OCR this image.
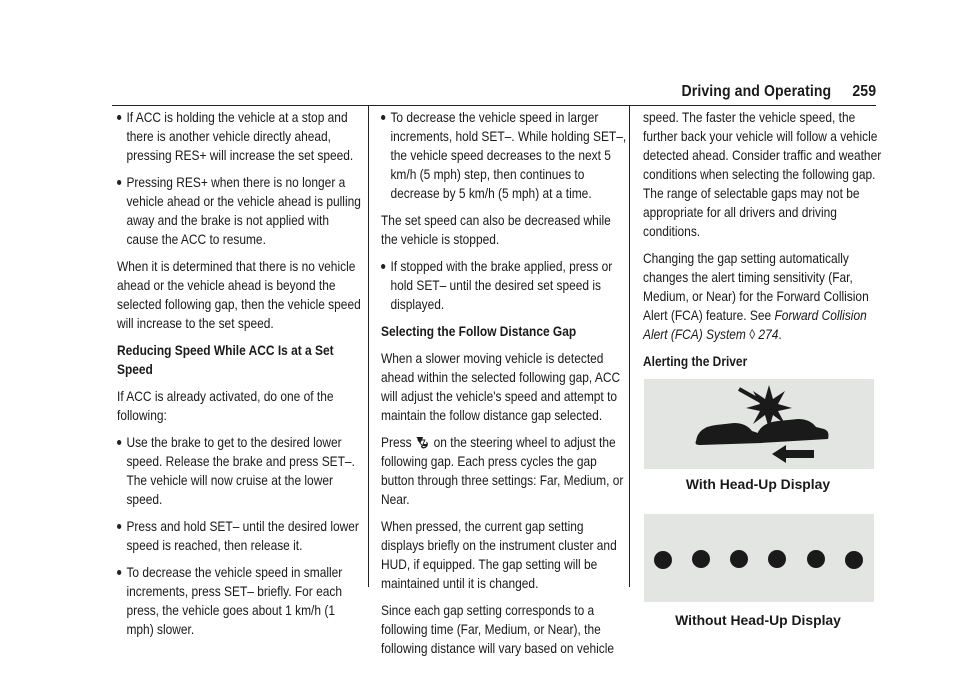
Driving and Operating 259
If ACC is holding the vehicle at a stop and there is another vehicle directly ahead, pressing RES+ will increase the set speed.
Pressing RES+ when there is no longer a vehicle ahead or the vehicle ahead is pulling away and the brake is not applied with cause the ACC to resume.

When it is determined that there is no vehicle ahead or the vehicle ahead is beyond the selected following gap, then the vehicle speed will increase to the set speed.

Reducing Speed While ACC Is at a Set Speed

If ACC is already activated, do one of the following:

Use the brake to get to the desired lower speed. Release the brake and press SET–. The vehicle will now cruise at the lower speed.
Press and hold SET– until the desired lower speed is reached, then release it.
To decrease the vehicle speed in smaller increments, press SET– briefly. For each press, the vehicle goes about 1 km/h (1 mph) slower.
To decrease the vehicle speed in larger increments, hold SET–. While holding SET–, the vehicle speed decreases to the next 5 km/h (5 mph) step, then continues to decrease by 5 km/h (5 mph) at a time.

The set speed can also be decreased while the vehicle is stopped.

If stopped with the brake applied, press or hold SET– until the desired set speed is displayed.

Selecting the Follow Distance Gap

When a slower moving vehicle is detected ahead within the selected following gap, ACC will adjust the vehicle's speed and attempt to maintain the follow distance gap selected.

Press on the steering wheel to adjust the following gap. Each press cycles the gap button through three settings: Far, Medium, or Near.

When pressed, the current gap setting displays briefly on the instrument cluster and HUD, if equipped. The gap setting will be maintained until it is changed.

Since each gap setting corresponds to a following time (Far, Medium, or Near), the following distance will vary based on vehicle

speed. The faster the vehicle speed, the further back your vehicle will follow a vehicle detected ahead. Consider traffic and weather conditions when selecting the following gap. The range of selectable gaps may not be appropriate for all drivers and driving conditions.

Changing the gap setting automatically changes the alert timing sensitivity (Far, Medium, or Near) for the Forward Collision Alert (FCA) feature. See Forward Collision Alert (FCA) System ◊ 274.

Alerting the Driver

With Head-Up Display
Without Head-Up Display
